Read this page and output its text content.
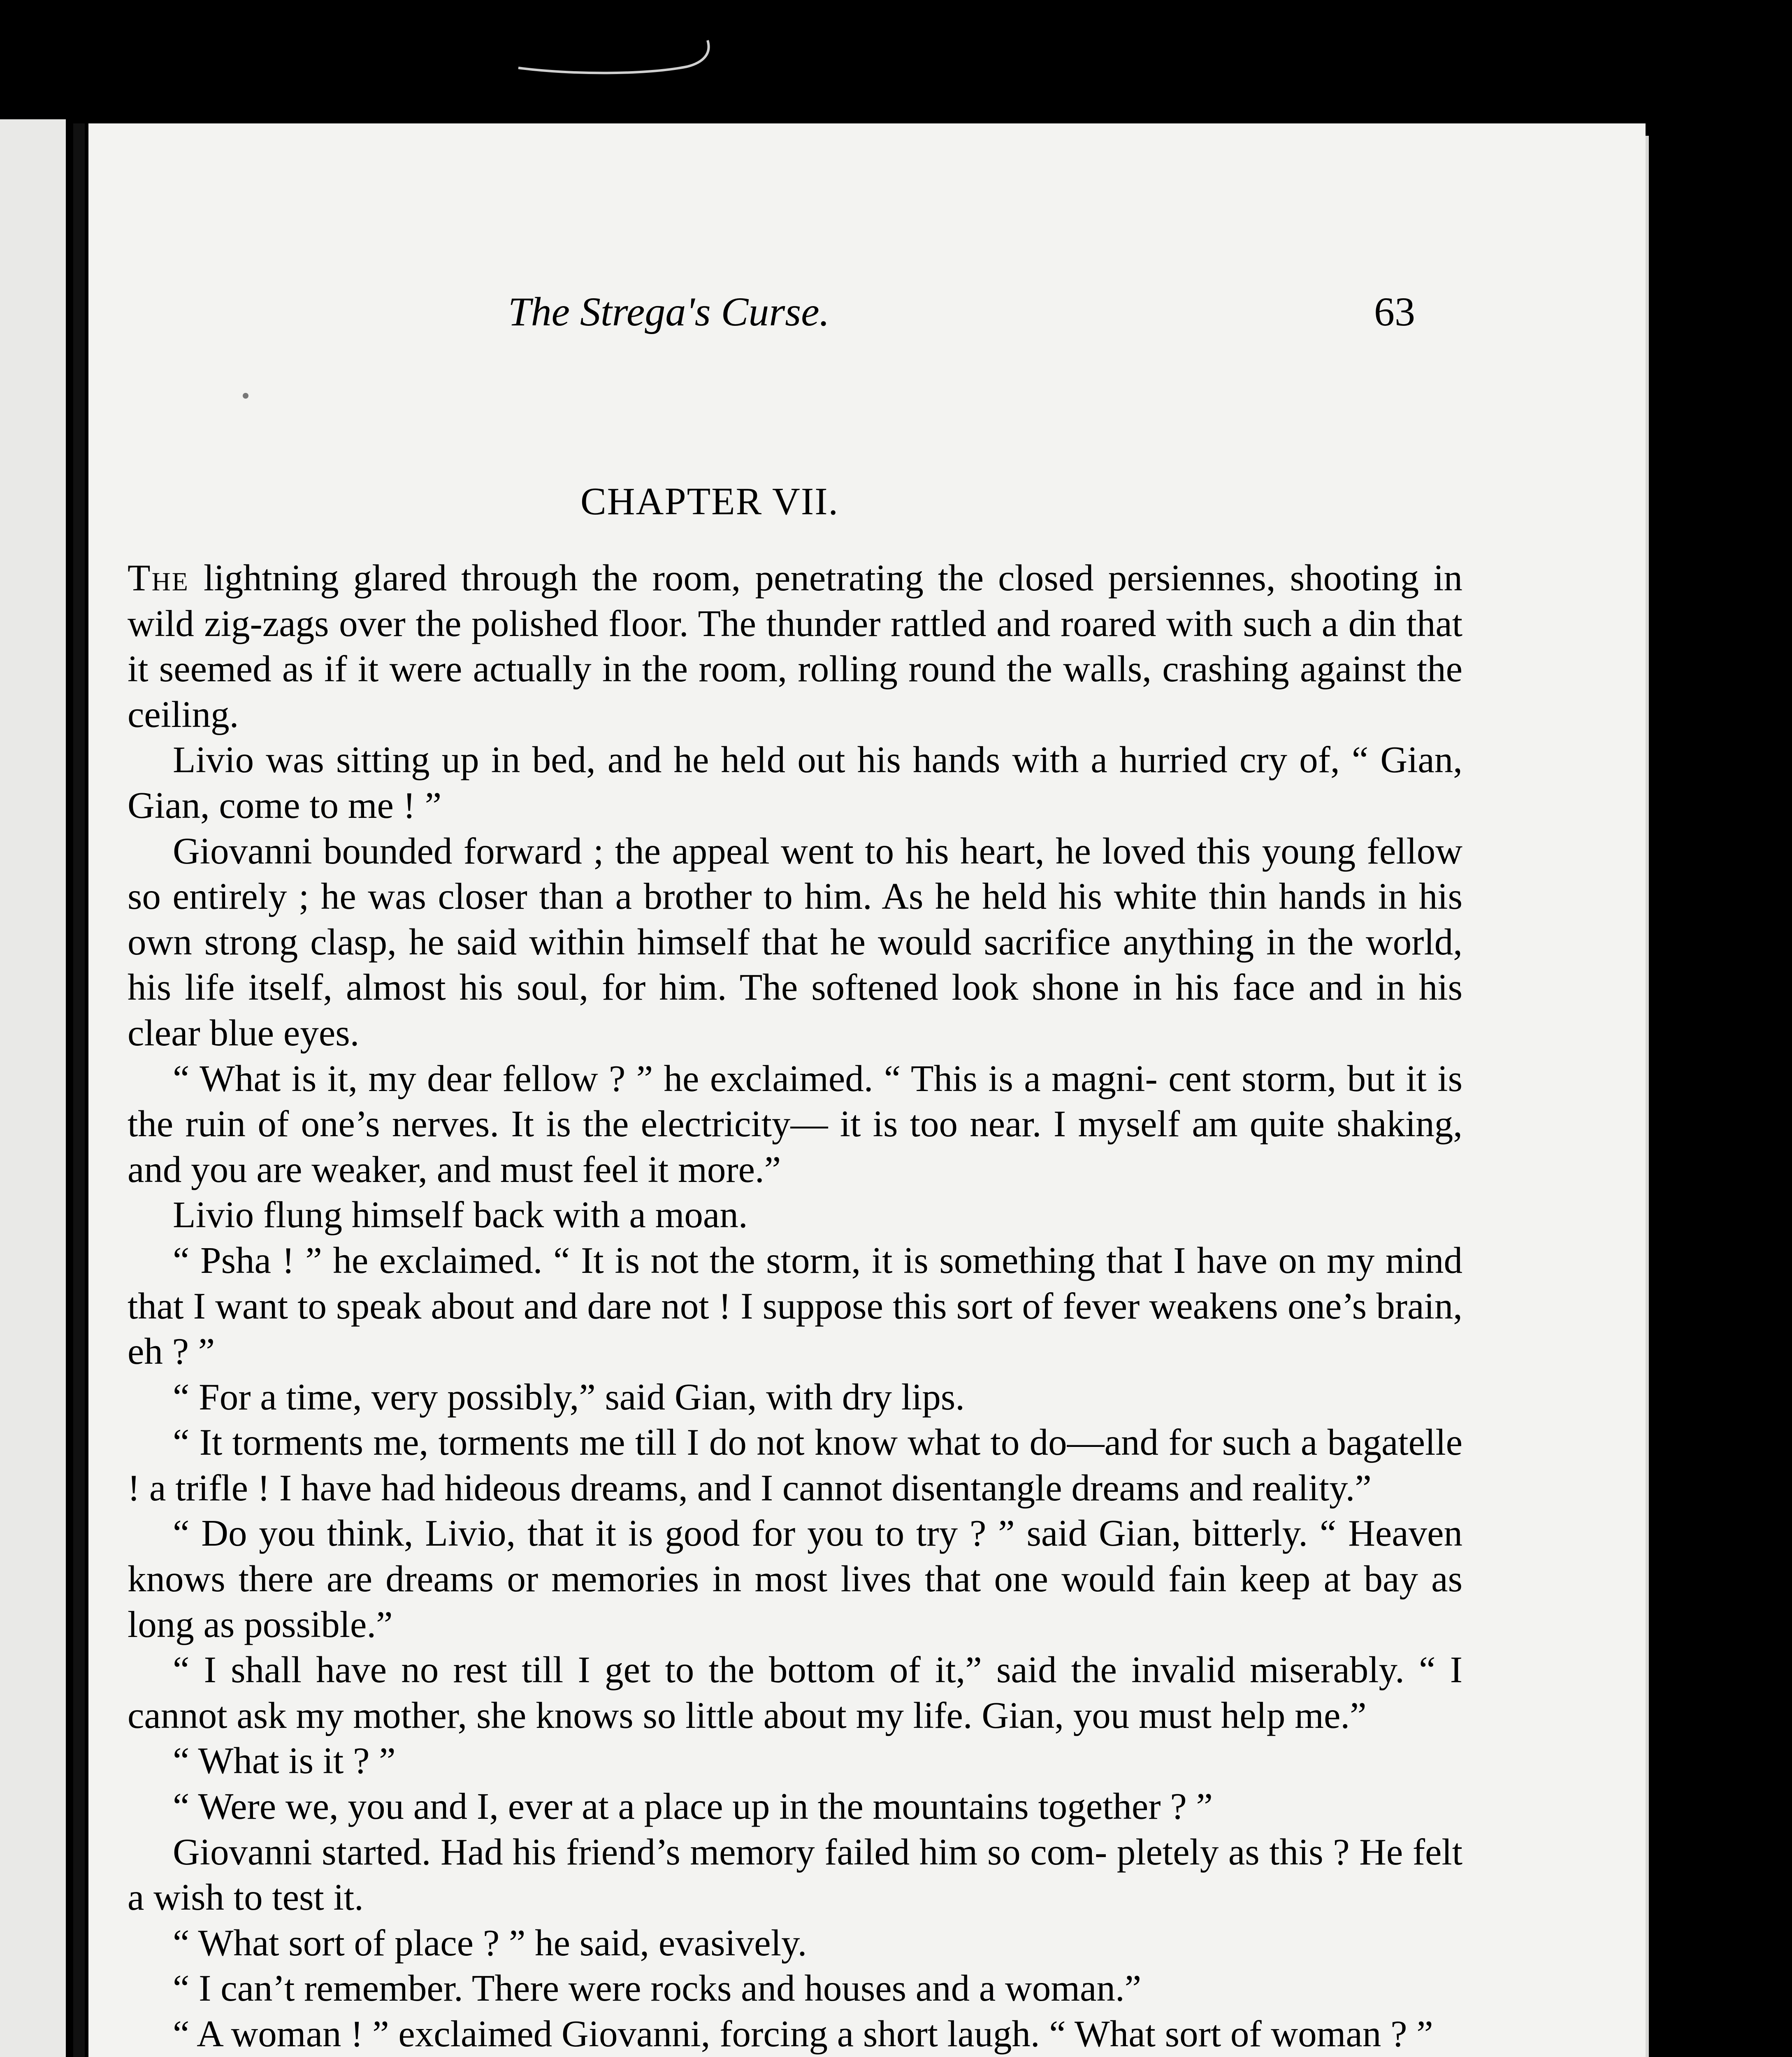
The Strega's Curse.	63
CHAPTER VII.

The lightning glared through the room, penetrating the closed persiennes, shooting in wild zig-zags over the polished floor. The thunder rattled and roared with such a din that it seemed as if it were actually in the room, rolling round the walls, crashing against the ceiling.

Livio was sitting up in bed, and he held out his hands with a hurried cry of, “ Gian, Gian, come to me ! ”

Giovanni bounded forward ; the appeal went to his heart, he loved this young fellow so entirely ; he was closer than a brother to him. As he held his white thin hands in his own strong clasp, he said within himself that he would sacrifice anything in the world, his life itself, almost his soul, for him. The softened look shone in his face and in his clear blue eyes.

“ What is it, my dear fellow ? ” he exclaimed. “ This is a magni- cent storm, but it is the ruin of one’s nerves. It is the electricity— it is too near. I myself am quite shaking, and you are weaker, and must feel it more.”

Livio flung himself back with a moan.

“ Psha ! ” he exclaimed. “ It is not the storm, it is something that I have on my mind that I want to speak about and dare not ! I suppose this sort of fever weakens one’s brain, eh ? ”

“ For a time, very possibly,” said Gian, with dry lips.

“ It torments me, torments me till I do not know what to do—and for such a bagatelle ! a trifle ! I have had hideous dreams, and I cannot disentangle dreams and reality.”

“ Do you think, Livio, that it is good for you to try ? ” said Gian, bitterly. “ Heaven knows there are dreams or memories in most lives that one would fain keep at bay as long as possible.”

“ I shall have no rest till I get to the bottom of it,” said the invalid miserably. “ I cannot ask my mother, she knows so little about my life. Gian, you must help me.”

“ What is it ? ”

“ Were we, you and I, ever at a place up in the mountains together ? ”

Giovanni started. Had his friend’s memory failed him so com- pletely as this ? He felt a wish to test it.

“ What sort of place ? ” he said, evasively.

“ I can’t remember. There were rocks and houses and a woman.”

“ A woman ! ” exclaimed Giovanni, forcing a short laugh. “ What sort of woman ? ”
